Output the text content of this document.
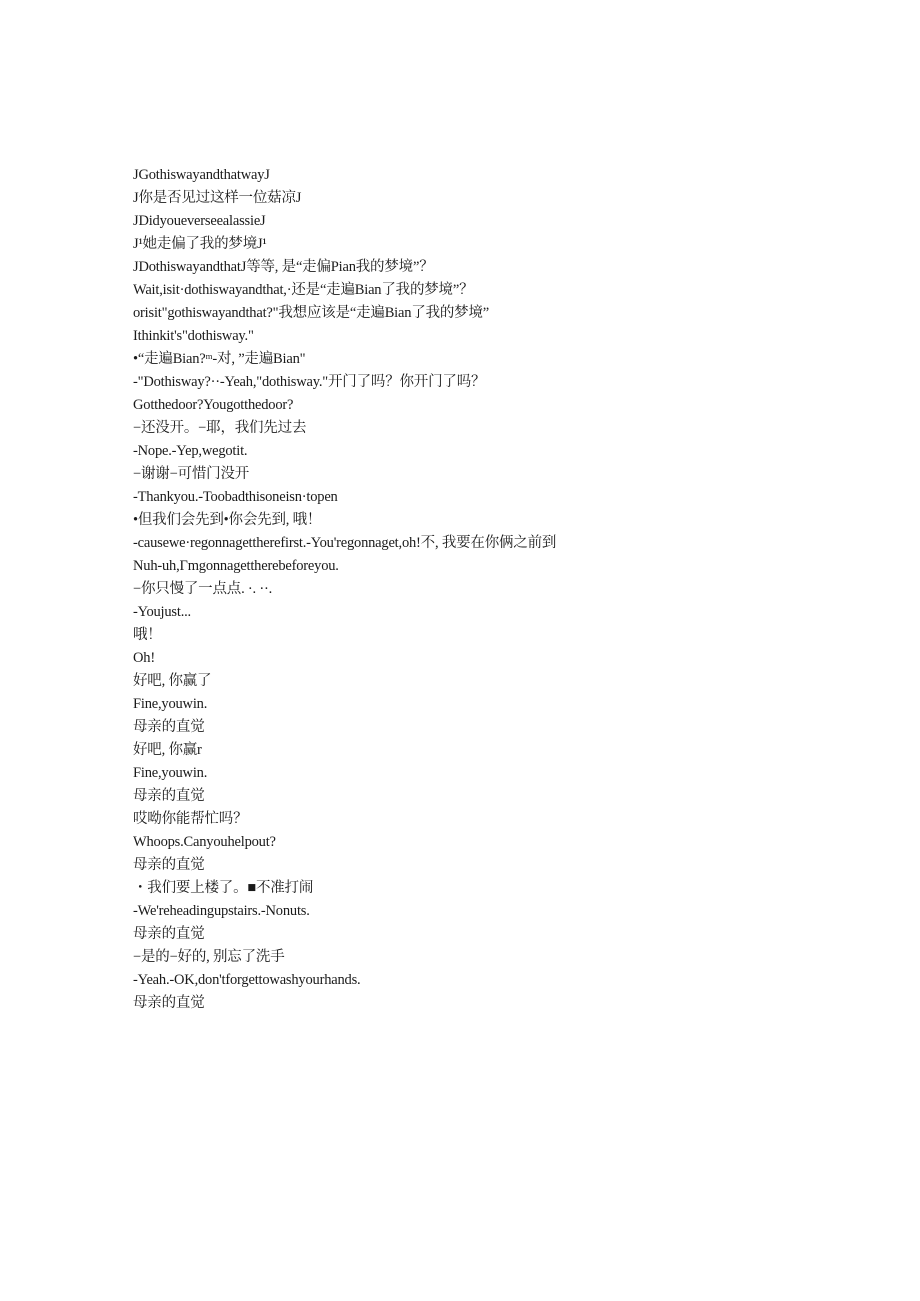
JGothiswayandthatwayJ
J你是否见过这样一位菇凉J
JDidyoueverseealassieJ
J¹她走偏了我的梦境J¹
JDothiswayandthatJ等等, 是“走偏Pian我的梦境”？
Wait,isit·dothiswayandthat,·还是“走遍Bian了我的梦境”？
orisit"gothiswayandthat?"我想应该是“走遍Bian了我的梦境”
Ithinkit's"dothisway."
•“走遍Bian?ᵐ-对, ”走遍Bian"
-"Dothisway?··-Yeah,"dothisway."开门了吗？你开门了吗？
Gotthedoor?Yougotthedoor?
−还没开。−耶，我们先过去
-Nope.-Yep,wegotit.
−谢谢−可惜门没开
-Thankyou.-Toobadthisoneisn·topen
•但我们会先到•你会先到, 哦！
-causewe·regonnagettherefirst.-You'regonnaget,oh!不, 我要在你俩之前到
Nuh-uh,Γmgonnagettherebeforeyou.
−你只慢了一点点. ·. ··.
-Youjust...
哦！
Oh!
好吧, 你赢了
Fine,youwin.
母亲的直觉
好吧, 你赢r
Fine,youwin.
母亲的直觉
哎呦你能帮忙吗？
Whoops.Canyouhelpout?
母亲的直觉
・我们要上楼了。■不准打闹
-We'reheadingupstairs.-Nonuts.
母亲的直觉
−是的−好的, 别忘了洗手
-Yeah.-OK,don'tforgettowashyourhands.
母亲的直觉
